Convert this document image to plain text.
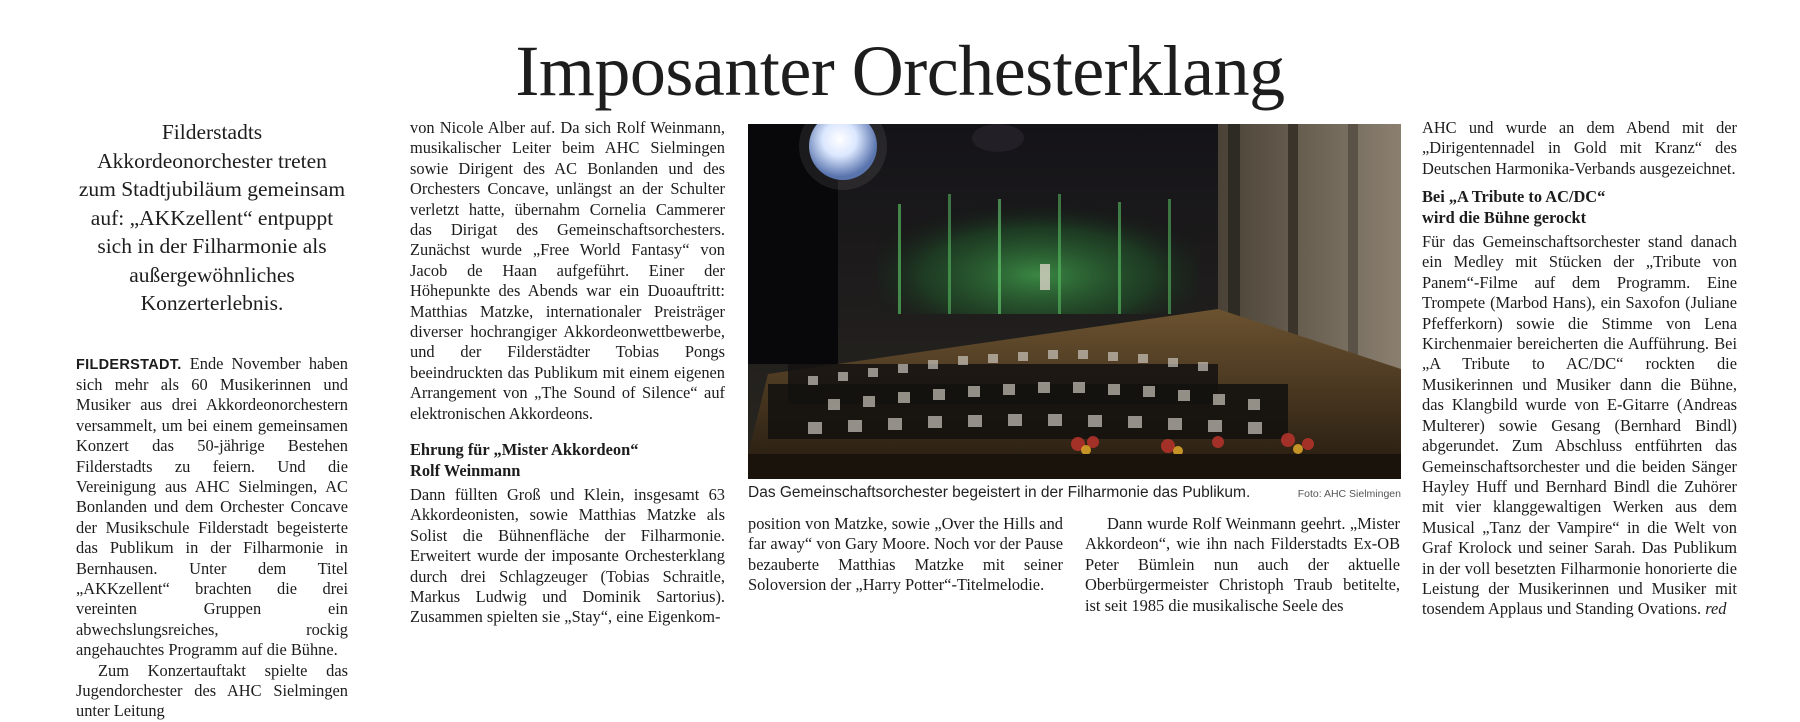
Imposanter Orchesterklang

Filderstadts Akkordeonorchester treten zum Stadtjubiläum gemeinsam auf: „AKKzellent“ entpuppt sich in der Filharmonie als außergewöhnliches Konzerterlebnis.

FILDERSTADT. Ende November haben sich mehr als 60 Musikerinnen und Musiker aus drei Akkordeonorchestern versammelt, um bei einem gemeinsamen Konzert das 50-jährige Bestehen Filderstadts zu feiern. Und die Vereinigung aus AHC Sielmingen, AC Bonlanden und dem Orchester Concave der Musikschule Filderstadt begeisterte das Publikum in der Filharmonie in Bernhausen. Unter dem Titel „AKKzellent“ brachten die drei vereinten Gruppen ein abwechslungsreiches, rockig angehauchtes Programm auf die Bühne.

Zum Konzertauftakt spielte das Jugendorchester des AHC Sielmingen unter Leitung

von Nicole Alber auf. Da sich Rolf Weinmann, musikalischer Leiter beim AHC Sielmingen sowie Dirigent des AC Bonlanden und des Orchesters Concave, unlängst an der Schulter verletzt hatte, übernahm Cornelia Cammerer das Dirigat des Gemeinschaftsorchesters. Zunächst wurde „Free World Fantasy“ von Jacob de Haan aufgeführt. Einer der Höhepunkte des Abends war ein Duoauftritt: Matthias Matzke, internationaler Preisträger diverser hochrangiger Akkordeonwettbewerbe, und der Filderstädter Tobias Pongs beeindruckten das Publikum mit einem eigenen Arrangement von „The Sound of Silence“ auf elektronischen Akkordeons.

Ehrung für „Mister Akkordeon“
Rolf Weinmann

Dann füllten Groß und Klein, insgesamt 63 Akkordeonisten, sowie Matthias Matzke als Solist die Bühnenfläche der Filharmonie. Erweitert wurde der imposante Orchesterklang durch drei Schlagzeuger (Tobias Schraitle, Markus Ludwig und Dominik Sartorius). Zusammen spielten sie „Stay“, eine Eigenkom-

Das Gemeinschaftsorchester begeistert in der Filharmonie das Publikum.	Foto: AHC Sielmingen

position von Matzke, sowie „Over the Hills and far away“ von Gary Moore. Noch vor der Pause bezauberte Matthias Matzke mit seiner Soloversion der „Harry Potter“-Titelmelodie.

Dann wurde Rolf Weinmann geehrt. „Mister Akkordeon“, wie ihn nach Filderstadts Ex-OB Peter Bümlein nun auch der aktuelle Oberbürgermeister Christoph Traub betitelte, ist seit 1985 die musikalische Seele des

AHC und wurde an dem Abend mit der „Dirigentennadel in Gold mit Kranz“ des Deutschen Harmonika-Verbands ausgezeichnet.

Bei „A Tribute to AC/DC“
wird die Bühne gerockt

Für das Gemeinschaftsorchester stand danach ein Medley mit Stücken der „Tribute von Panem“-Filme auf dem Programm. Eine Trompete (Marbod Hans), ein Saxofon (Juliane Pfefferkorn) sowie die Stimme von Lena Kirchenmaier bereicherten die Aufführung. Bei „A Tribute to AC/DC“ rockten die Musikerinnen und Musiker dann die Bühne, das Klangbild wurde von E-Gitarre (Andreas Multerer) sowie Gesang (Bernhard Bindl) abgerundet. Zum Abschluss entführten das Gemeinschaftsorchester und die beiden Sänger Hayley Huff und Bernhard Bindl die Zuhörer mit vier klanggewaltigen Werken aus dem Musical „Tanz der Vampire“ in die Welt von Graf Krolock und seiner Sarah. Das Publikum in der voll besetzten Filharmonie honorierte die Leistung der Musikerinnen und Musiker mit tosendem Applaus und Standing Ovations. red
